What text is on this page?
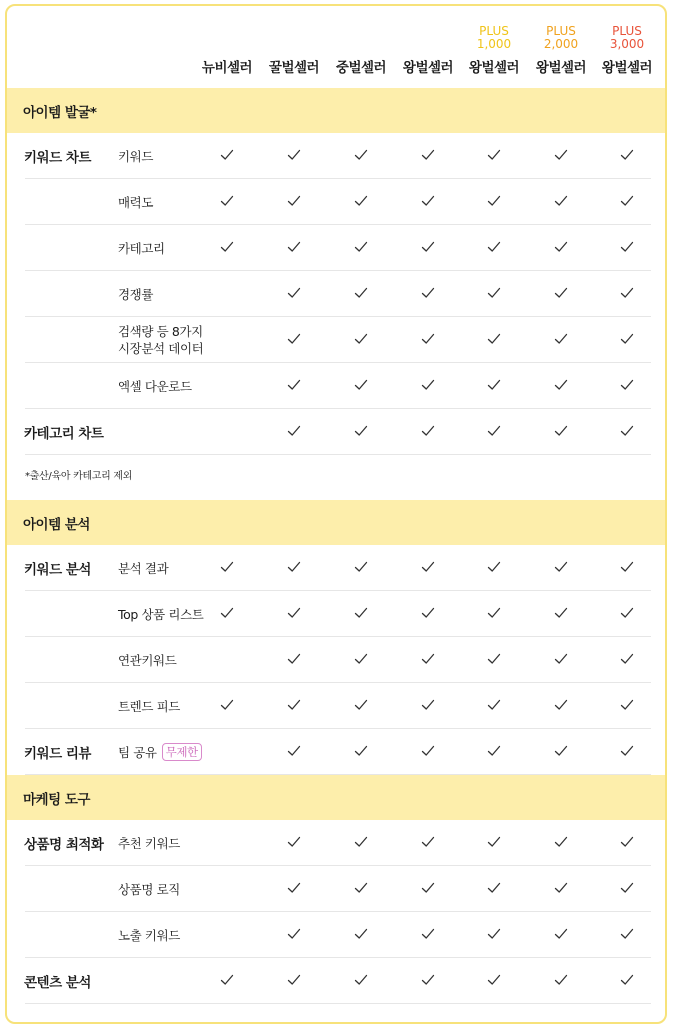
뉴비셀러 꿀벌셀러 중벌셀러 왕벌셀러
PLUS
1,000
왕벌셀러
PLUS
2,000
왕벌셀러
PLUS
3,000
왕벌셀러
아이템 발굴*
키워드 차트 키워드
매력도
카테고리
경쟁률
검색량 등 8가지
시장분석 데이터
엑셀 다운로드
카테고리 차트
*출산/육아 카테고리 제외
아이템 분석
키워드 분석 분석 결과
Top 상품 리스트
연관키워드
트렌드 피드
키워드 리뷰 팀 공유 무제한
마케팅 도구
상품명 최적화 추천 키워드
상품명 로직
노출 키워드
콘텐츠 분석
